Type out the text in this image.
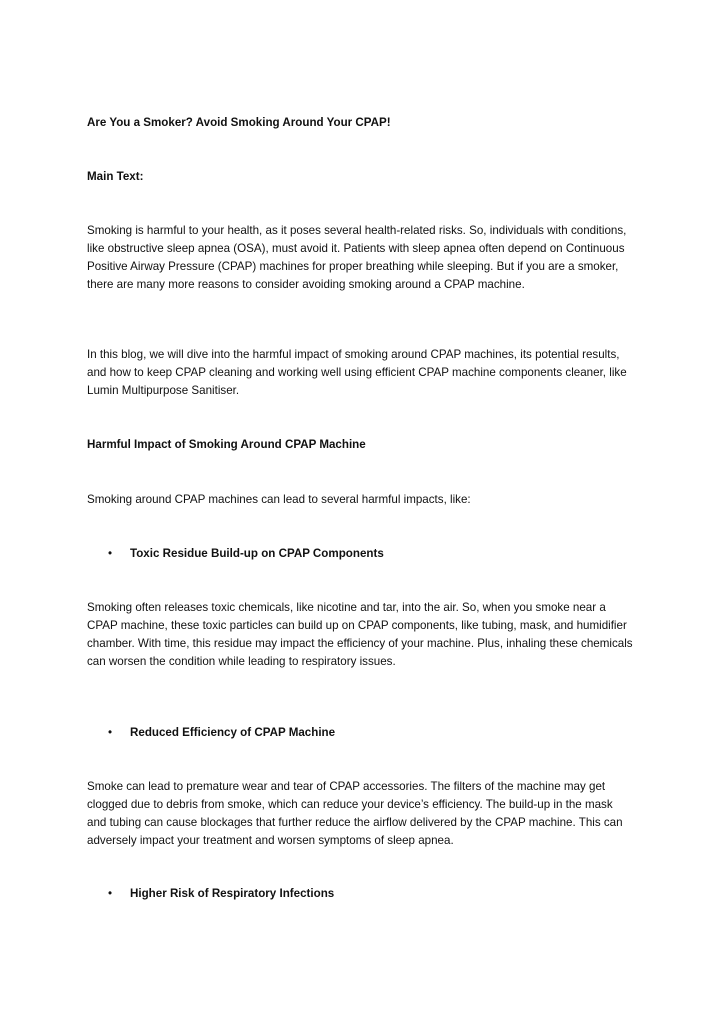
Are You a Smoker? Avoid Smoking Around Your CPAP!

Main Text:

Smoking is harmful to your health, as it poses several health-related risks. So, individuals with conditions, like obstructive sleep apnea (OSA), must avoid it. Patients with sleep apnea often depend on Continuous Positive Airway Pressure (CPAP) machines for proper breathing while sleeping. But if you are a smoker, there are many more reasons to consider avoiding smoking around a CPAP machine.

In this blog, we will dive into the harmful impact of smoking around CPAP machines, its potential results, and how to keep CPAP cleaning and working well using efficient CPAP machine components cleaner, like Lumin Multipurpose Sanitiser.

Harmful Impact of Smoking Around CPAP Machine

Smoking around CPAP machines can lead to several harmful impacts, like:

• Toxic Residue Build-up on CPAP Components

Smoking often releases toxic chemicals, like nicotine and tar, into the air. So, when you smoke near a CPAP machine, these toxic particles can build up on CPAP components, like tubing, mask, and humidifier chamber. With time, this residue may impact the efficiency of your machine. Plus, inhaling these chemicals can worsen the condition while leading to respiratory issues.

• Reduced Efficiency of CPAP Machine

Smoke can lead to premature wear and tear of CPAP accessories. The filters of the machine may get clogged due to debris from smoke, which can reduce your device’s efficiency. The build-up in the mask and tubing can cause blockages that further reduce the airflow delivered by the CPAP machine. This can adversely impact your treatment and worsen symptoms of sleep apnea.

• Higher Risk of Respiratory Infections
